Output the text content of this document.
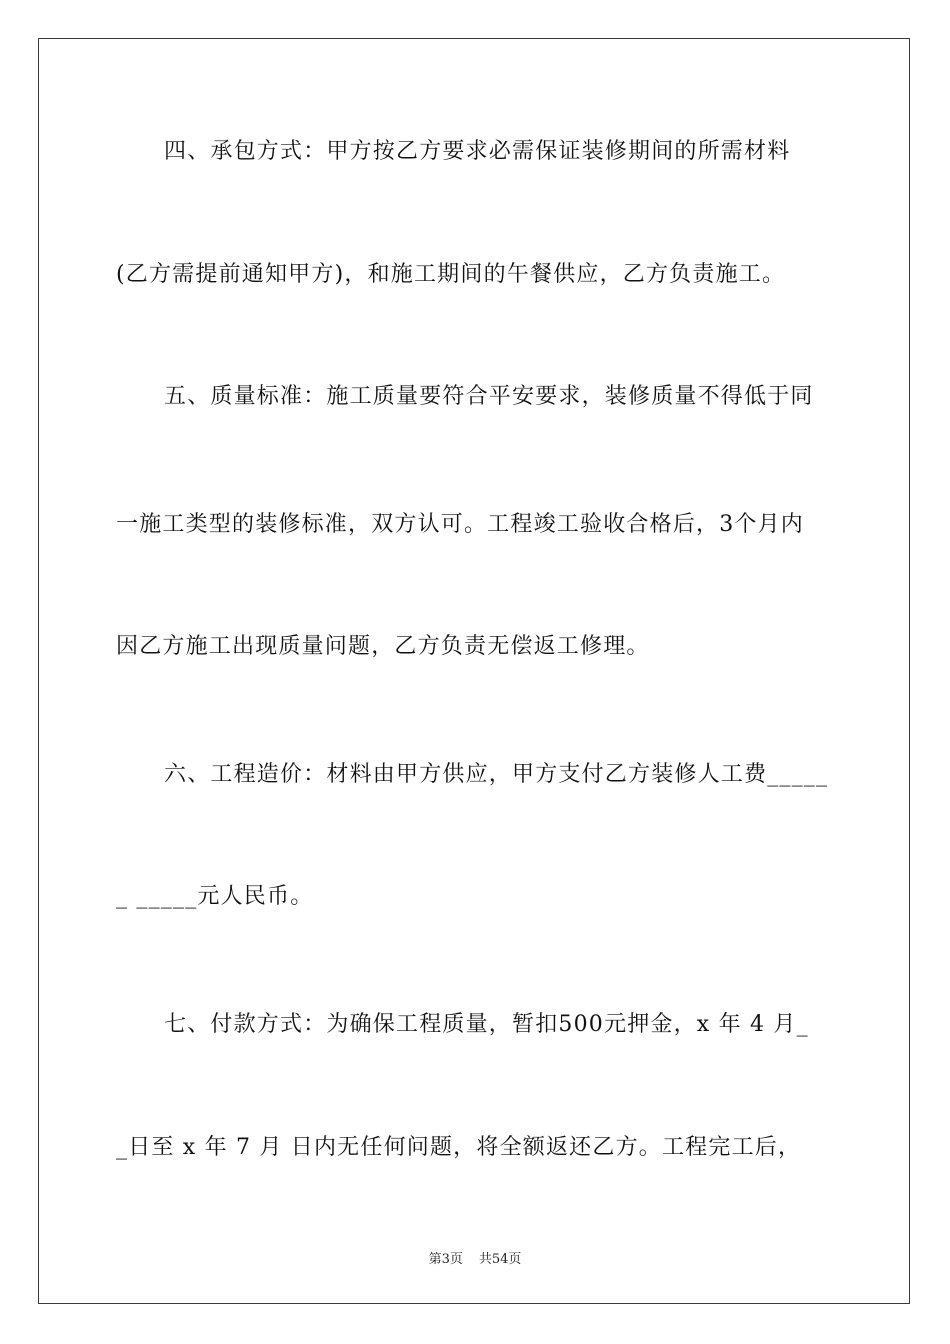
四、承包方式：甲方按乙方要求必需保证装修期间的所需材料
(乙方需提前通知甲方)，和施工期间的午餐供应，乙方负责施工。
五、质量标准：施工质量要符合平安要求，装修质量不得低于同
一施工类型的装修标准，双方认可。工程竣工验收合格后，3个月内
因乙方施工出现质量问题，乙方负责无偿返工修理。
六、工程造价：材料由甲方供应，甲方支付乙方装修人工费_____
_ _____元人民币。
七、付款方式：为确保工程质量，暂扣500元押金，x 年 4 月_
_日至 x 年 7 月 日内无任何问题，将全额返还乙方。工程完工后，
第3页 共54页
